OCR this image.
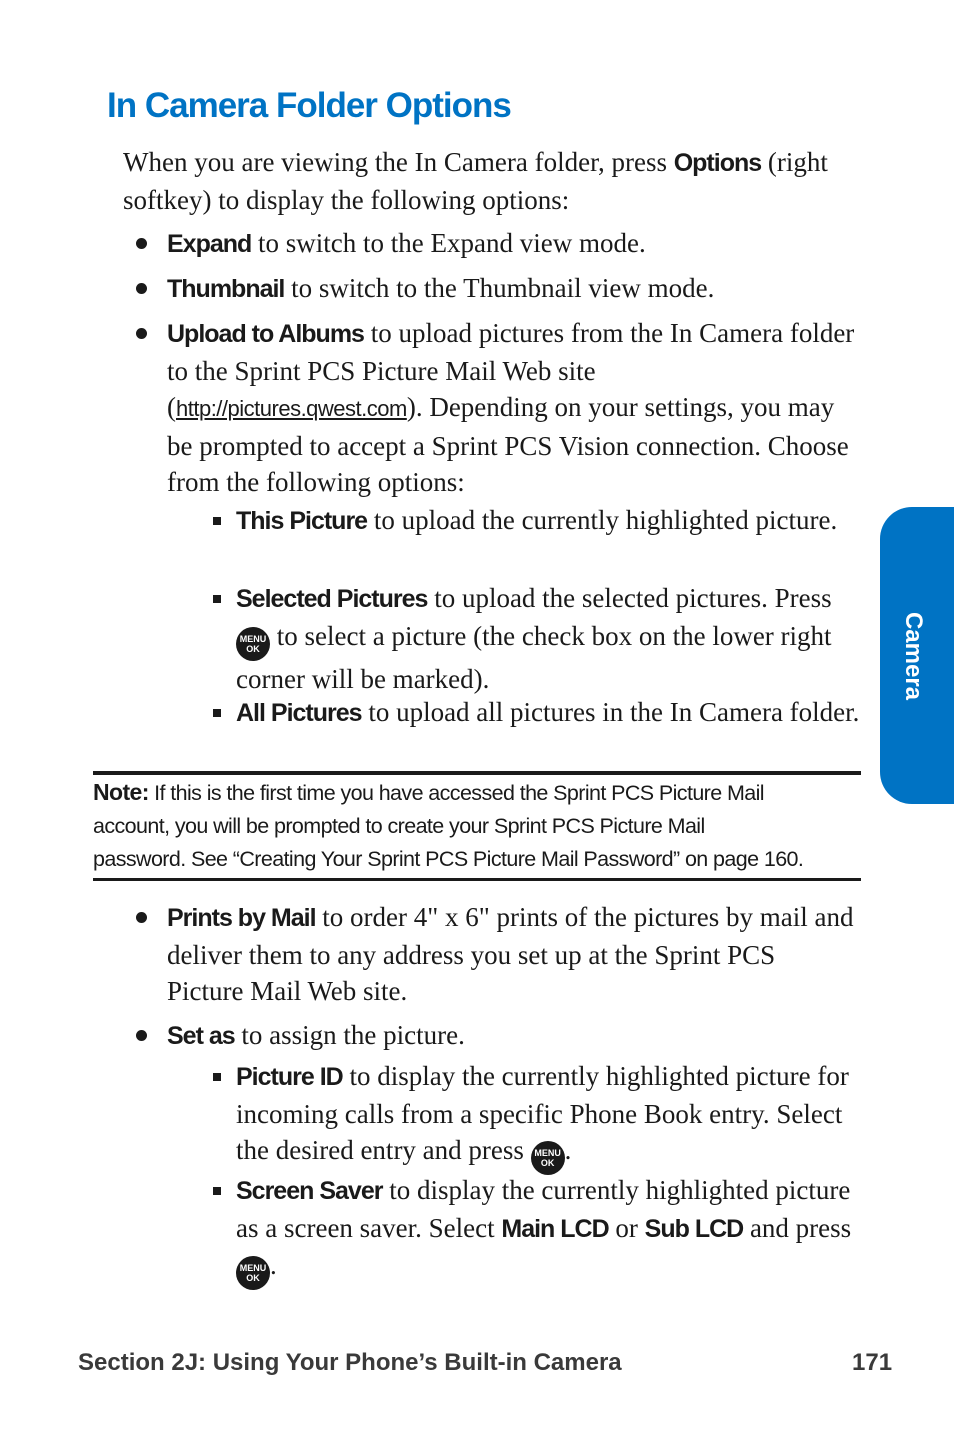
In Camera Folder Options
When you are viewing the In Camera folder, press Options (right softkey) to display the following options:
Expand to switch to the Expand view mode.
Thumbnail to switch to the Thumbnail view mode.
Upload to Albums to upload pictures from the In Camera folder to the Sprint PCS Picture Mail Web site (http://pictures.qwest.com). Depending on your settings, you may be prompted to accept a Sprint PCS Vision connection. Choose from the following options:
This Picture to upload the currently highlighted picture.
Selected Pictures to upload the selected pictures. Press
MENU
OK to select a picture (the check box on the lower right corner will be marked).
All Pictures to upload all pictures in the In Camera folder.
Note: If this is the first time you have accessed the Sprint PCS Picture Mail
account, you will be prompted to create your Sprint PCS Picture Mail
password. See “Creating Your Sprint PCS Picture Mail Password” on page 160.
Prints by Mail to order 4" x 6" prints of the pictures by mail and deliver them to any address you set up at the Sprint PCS Picture Mail Web site.
Set as to assign the picture.
Picture ID to display the currently highlighted picture for incoming calls from a specific Phone Book entry. Select the desired entry and press MENU
OK .
Screen Saver to display the currently highlighted picture as a screen saver. Select Main LCD or Sub LCD and press
MENU
OK .
Camera
Section 2J: Using Your Phone’s Built-in Camera	171
